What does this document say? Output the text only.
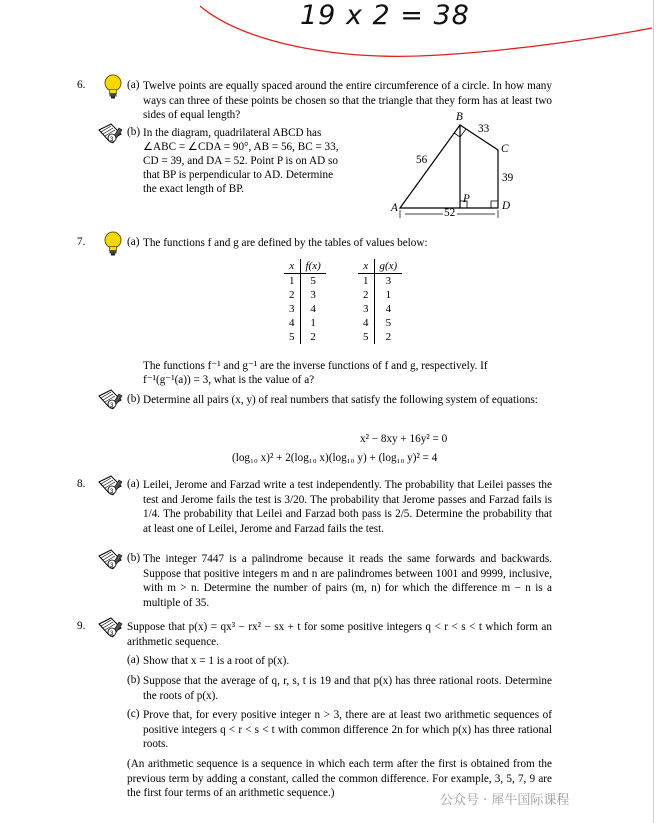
19 x 2 = 38
6.	(a) Twelve points are equally spaced around the entire circumference of a circle. In how many ways can three of these points be chosen so that the triangle that they form has at least two sides of equal length?
3
(b) In the diagram, quadrilateral ABCD has
∠ABC = ∠CDA = 90°, AB = 56, BC = 33,
CD = 39, and DA = 52. Point P is on AD so
that BP is perpendicular to AD. Determine
the exact length of BP.
A
B
C
D
P
56
33
39
52
7.	(a) The functions f and g are defined by the tables of values below:
x	f(x)
1	5
2	3
3	4
4	1
5	2
x	g(x)
1	3
2	1
3	4
4	5
5	2
The functions f⁻¹ and g⁻¹ are the inverse functions of f and g, respectively. If
f⁻¹(g⁻¹(a)) = 3, what is the value of a?
3
(b) Determine all pairs (x, y) of real numbers that satisfy the following system of equations:
x² − 8xy + 16y² = 0
(log₁₀ x)² + 2(log₁₀ x)(log₁₀ y) + (log₁₀ y)² = 4
8.
3
(a) Leilei, Jerome and Farzad write a test independently. The probability that Leilei passes the test and Jerome fails the test is 3/20. The probability that Jerome passes and Farzad fails is 1/4. The probability that Leilei and Farzad both pass is 2/5. Determine the probability that at least one of Leilei, Jerome and Farzad fails the test.
3
(b) The integer 7447 is a palindrome because it reads the same forwards and backwards. Suppose that positive integers m and n are palindromes between 1001 and 9999, inclusive, with m > n. Determine the number of pairs (m, n) for which the difference m − n is a multiple of 35.
9.
3
Suppose that p(x) = qx³ − rx² − sx + t for some positive integers q < r < s < t which form an arithmetic sequence.
(a) Show that x = 1 is a root of p(x).
(b) Suppose that the average of q, r, s, t is 19 and that p(x) has three rational roots. Determine the roots of p(x).
(c) Prove that, for every positive integer n > 3, there are at least two arithmetic sequences of positive integers q < r < s < t with common difference 2n for which p(x) has three rational roots.
(An arithmetic sequence is a sequence in which each term after the first is obtained from the previous term by adding a constant, called the common difference. For example, 3, 5, 7, 9 are the first four terms of an arithmetic sequence.)	公众号 · 犀牛国际课程
